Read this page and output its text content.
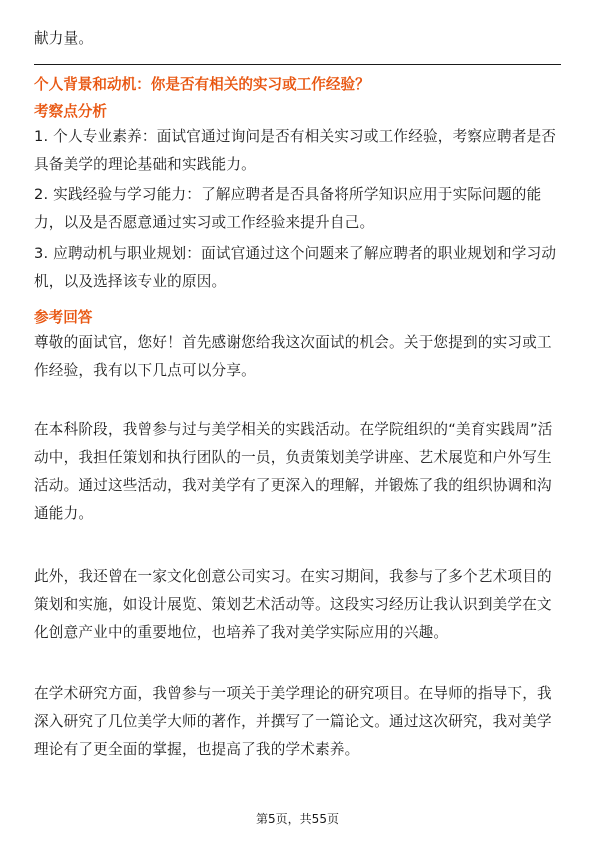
献力量。

个人背景和动机：你是否有相关的实习或工作经验？

考察点分析

1. 个人专业素养：面试官通过询问是否有相关实习或工作经验，考察应聘者是否具备美学的理论基础和实践能力。

2. 实践经验与学习能力：了解应聘者是否具备将所学知识应用于实际问题的能力，以及是否愿意通过实习或工作经验来提升自己。

3. 应聘动机与职业规划：面试官通过这个问题来了解应聘者的职业规划和学习动机，以及选择该专业的原因。

参考回答

尊敬的面试官，您好！首先感谢您给我这次面试的机会。关于您提到的实习或工作经验，我有以下几点可以分享。

在本科阶段，我曾参与过与美学相关的实践活动。在学院组织的“美育实践周”活动中，我担任策划和执行团队的一员，负责策划美学讲座、艺术展览和户外写生活动。通过这些活动，我对美学有了更深入的理解，并锻炼了我的组织协调和沟通能力。

此外，我还曾在一家文化创意公司实习。在实习期间，我参与了多个艺术项目的策划和实施，如设计展览、策划艺术活动等。这段实习经历让我认识到美学在文化创意产业中的重要地位，也培养了我对美学实际应用的兴趣。

在学术研究方面，我曾参与一项关于美学理论的研究项目。在导师的指导下，我深入研究了几位美学大师的著作，并撰写了一篇论文。通过这次研究，我对美学理论有了更全面的掌握，也提高了我的学术素养。

第5页，共55页
